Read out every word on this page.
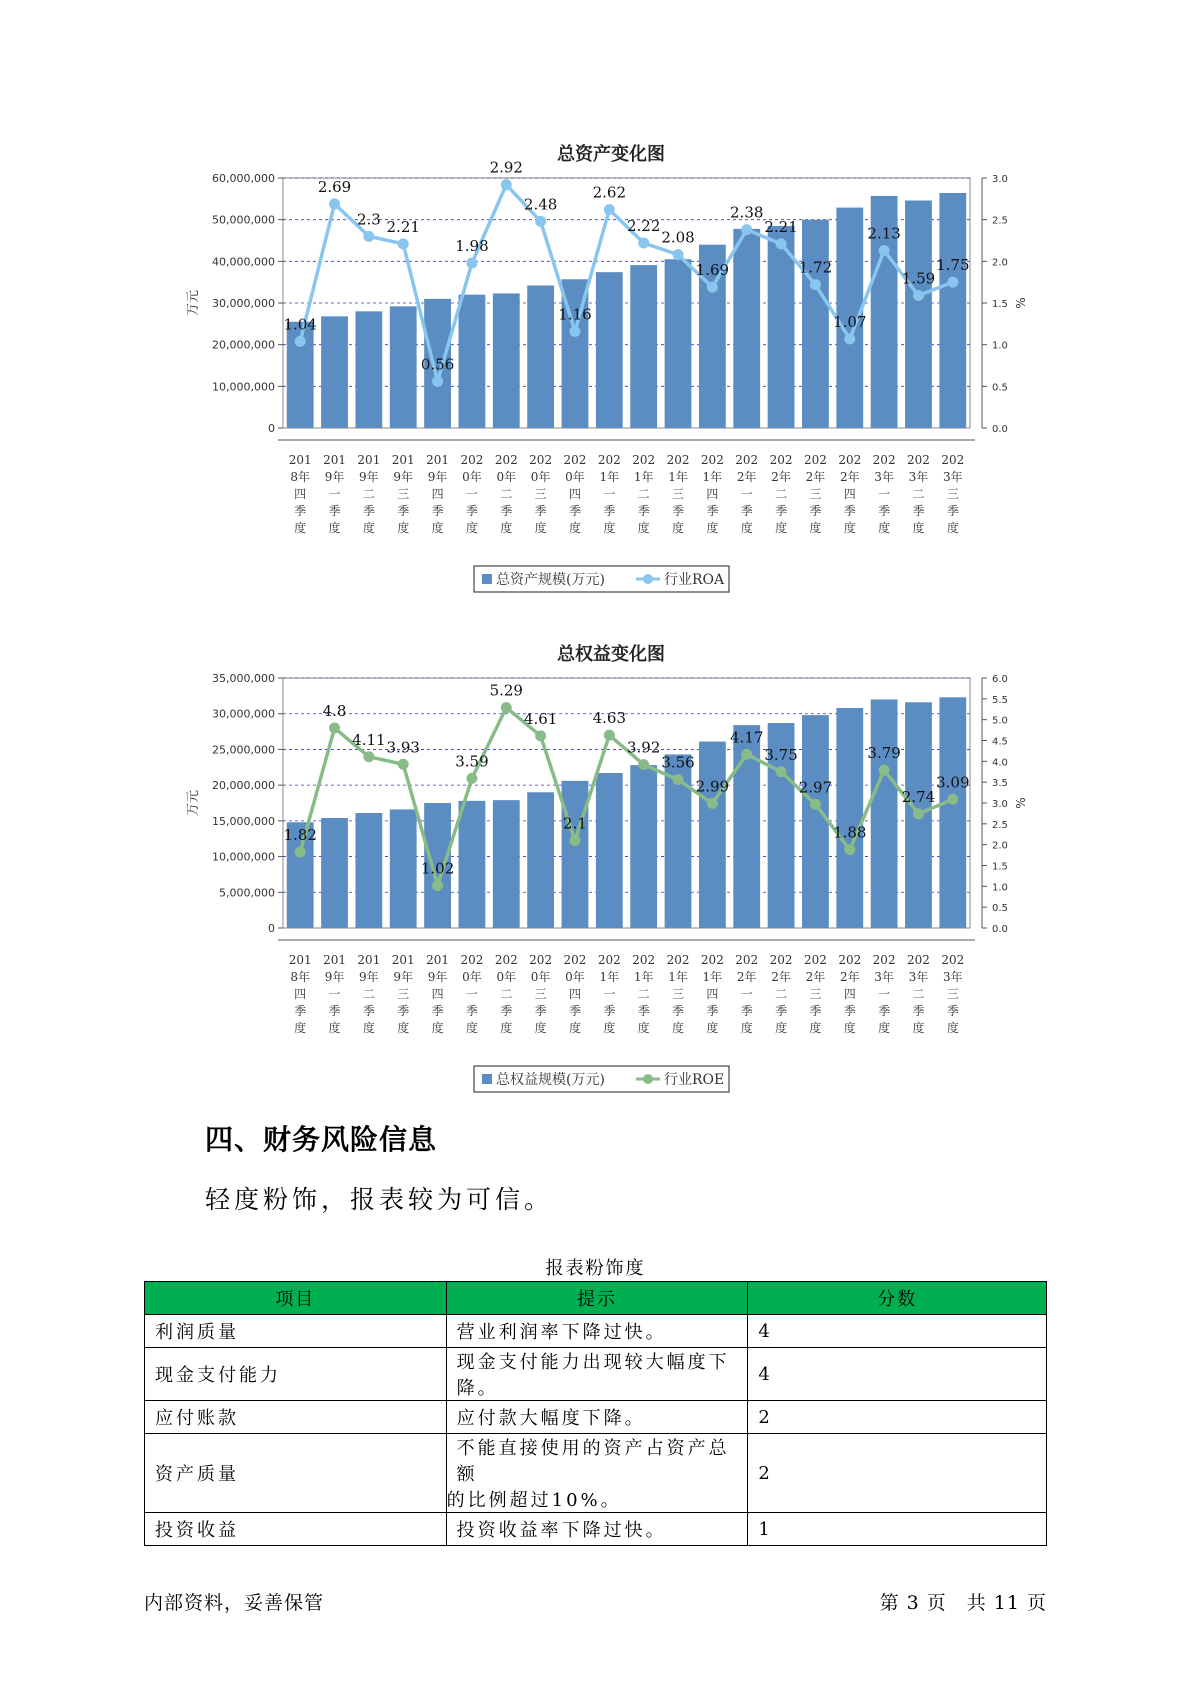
总资产变化图
0
10,000,000
20,000,000
30,000,000
40,000,000
50,000,000
60,000,000
万元
0.0
0.5
1.0
1.5
2.0
2.5
3.0
%
1.04
2.69
2.3 2.21
0.56
1.98
2.92
2.48
1.16
2.62
2.22
2.08
1.69
2.38
2.21
1.72
1.07
2.13
1.59
1.75
201
8年
四
季
度
201
9年
一
季
度
201
9年
二
季
度
201
9年
三
季
度
201
9年
四
季
度
202
0年
一
季
度
202
0年
二
季
度
202
0年
三
季
度
202
0年
四
季
度
202
1年
一
季
度
202
1年
二
季
度
202
1年
三
季
度
202
1年
四
季
度
202
2年
一
季
度
202
2年
二
季
度
202
2年
三
季
度
202
2年
四
季
度
202
3年
一
季
度
202
3年
二
季
度
202
3年
三
季
度
总资产规模(万元)	行业ROA
总权益变化图
0
5,000,000
10,000,000
15,000,000
20,000,000
25,000,000
30,000,000
35,000,000
万元
0.0
0.5
1.0
1.5
2.0
2.5
3.0
3.5
4.0
4.5
5.0
5.5
6.0
%
1.82
4.8
4.11 3.93
1.02
3.59
5.29
4.61
2.1
4.63
3.92
3.56
2.99
4.17
3.75
2.97
1.88
3.79
2.74
3.09
201
8年
四
季
度
201
9年
一
季
度
201
9年
二
季
度
201
9年
三
季
度
201
9年
四
季
度
202
0年
一
季
度
202
0年
二
季
度
202
0年
三
季
度
202
0年
四
季
度
202
1年
一
季
度
202
1年
二
季
度
202
1年
三
季
度
202
1年
四
季
度
202
2年
一
季
度
202
2年
二
季
度
202
2年
三
季
度
202
2年
四
季
度
202
3年
一
季
度
202
3年
二
季
度
202
3年
三
季
度
总权益规模(万元)	行业ROE
四、财务风险信息
轻度粉饰，报表较为可信。
报表粉饰度
项目	提示	分数
利润质量	营业利润率下降过快。	4
现金支付能力	现金支付能力出现较大幅度下降。	4
应付账款	应付款大幅度下降。	2
资产质量	不能直接使用的资产占资产总额
的比例超过10%。	2
投资收益	投资收益率下降过快。	1
内部资料，妥善保管	第 3 页　共 11 页
